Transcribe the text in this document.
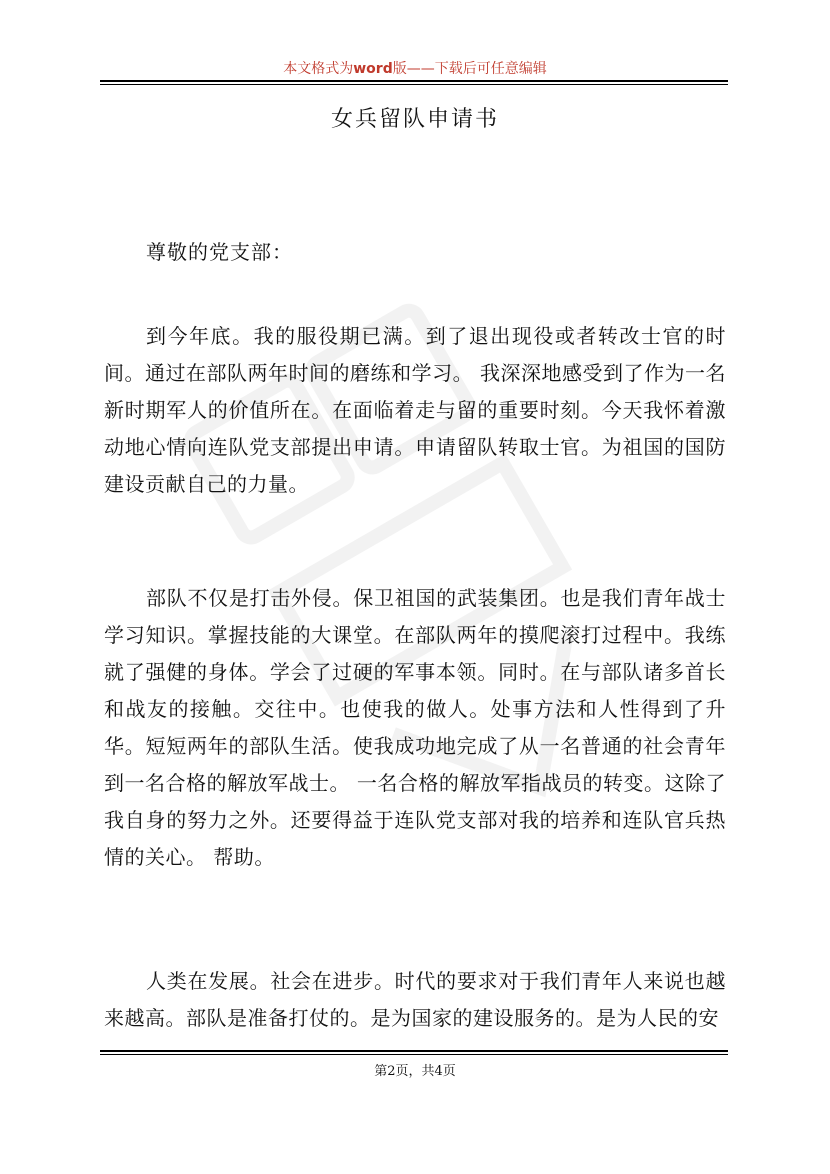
本文格式为word版——下载后可任意编辑
女兵留队申请书
尊敬的党支部：

到今年底。我的服役期已满。到了退出现役或者转改士官的时间。通过在部队两年时间的磨练和学习。 我深深地感受到了作为一名新时期军人的价值所在。在面临着走与留的重要时刻。今天我怀着激动地心情向连队党支部提出申请。申请留队转取士官。为祖国的国防建设贡献自己的力量。

部队不仅是打击外侵。保卫祖国的武装集团。也是我们青年战士学习知识。掌握技能的大课堂。在部队两年的摸爬滚打过程中。我练就了强健的身体。学会了过硬的军事本领。同时。在与部队诸多首长和战友的接触。交往中。也使我的做人。处事方法和人性得到了升华。短短两年的部队生活。使我成功地完成了从一名普通的社会青年到一名合格的解放军战士。 一名合格的解放军指战员的转变。这除了我自身的努力之外。还要得益于连队党支部对我的培养和连队官兵热情的关心。 帮助。

人类在发展。社会在进步。时代的要求对于我们青年人来说也越来越高。部队是准备打仗的。是为国家的建设服务的。是为人民的安

第2页，共4页
